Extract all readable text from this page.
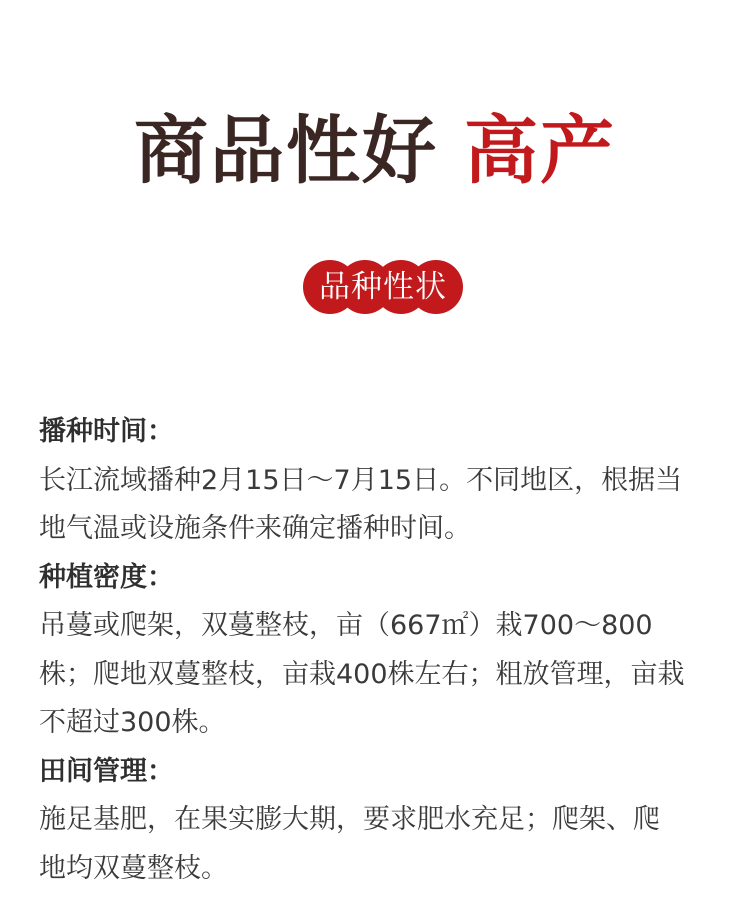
商品性好 高产
品种性状
播种时间：
长江流域播种2月15日～7月15日。不同地区，根据当
地气温或设施条件来确定播种时间。
种植密度：
吊蔓或爬架，双蔓整枝，亩（667㎡）栽700～800
株；爬地双蔓整枝，亩栽400株左右；粗放管理，亩栽
不超过300株。
田间管理：
施足基肥，在果实膨大期，要求肥水充足；爬架、爬
地均双蔓整枝。
